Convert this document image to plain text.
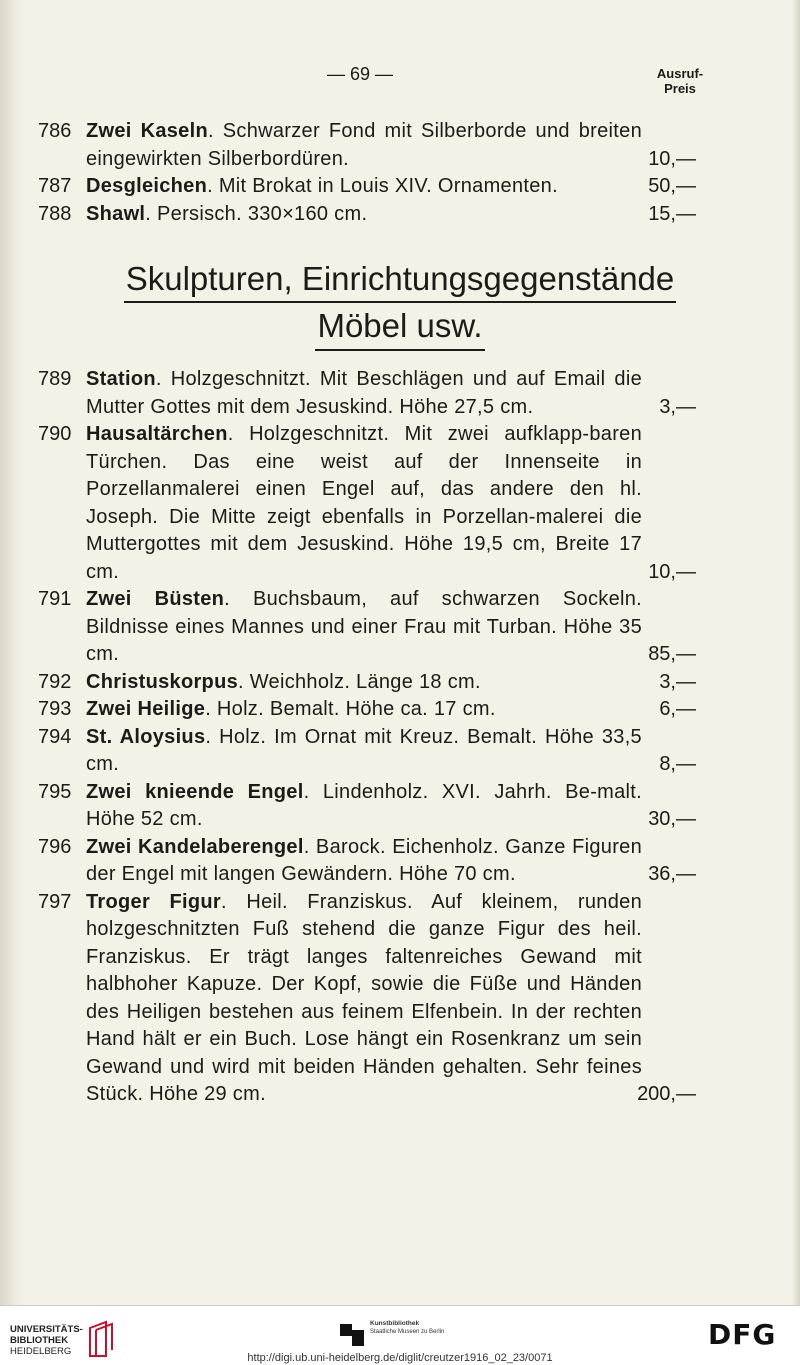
— 69 —	Ausruf-
Preis
786 Zwei Kaseln. Schwarzer Fond mit Silberborde und breiten eingewirkten Silberbordüren.	10,—
787 Desgleichen. Mit Brokat in Louis XIV. Ornamenten.	50,—
788 Shawl. Persisch. 330×160 cm.	15,—
Skulpturen, Einrichtungsgegenstände
Möbel usw.
789 Station. Holzgeschnitzt. Mit Beschlägen und auf Email die Mutter Gottes mit dem Jesuskind. Höhe 27,5 cm.	3,—
790 Hausaltärchen. Holzgeschnitzt. Mit zwei aufklapp-baren Türchen. Das eine weist auf der Innenseite in Porzellanmalerei einen Engel auf, das andere den hl. Joseph. Die Mitte zeigt ebenfalls in Porzellan-malerei die Muttergottes mit dem Jesuskind. Höhe 19,5 cm, Breite 17 cm.	10,—
791 Zwei Büsten. Buchsbaum, auf schwarzen Sockeln. Bildnisse eines Mannes und einer Frau mit Turban. Höhe 35 cm.	85,—
792 Christuskorpus. Weichholz. Länge 18 cm.	3,—
793 Zwei Heilige. Holz. Bemalt. Höhe ca. 17 cm.	6,—
794 St. Aloysius. Holz. Im Ornat mit Kreuz. Bemalt. Höhe 33,5 cm.	8,—
795 Zwei knieende Engel. Lindenholz. XVI. Jahrh. Be-malt. Höhe 52 cm.	30,—
796 Zwei Kandelaberengel. Barock. Eichenholz. Ganze Figuren der Engel mit langen Gewändern. Höhe 70 cm.	36,—
797 Troger Figur. Heil. Franziskus. Auf kleinem, runden holzgeschnitzten Fuß stehend die ganze Figur des heil. Franziskus. Er trägt langes faltenreiches Gewand mit halbhoher Kapuze. Der Kopf, sowie die Füße und Händen des Heiligen bestehen aus feinem Elfenbein. In der rechten Hand hält er ein Buch. Lose hängt ein Rosenkranz um sein Gewand und wird mit beiden Händen gehalten. Sehr feines Stück. Höhe 29 cm.	200,—
UNIVERSITÄTS-
BIBLIOTHEK
HEIDELBERG
Kunstbibliothek
Staatliche Museen zu Berlin	DFG
http://digi.ub.uni-heidelberg.de/diglit/creutzer1916_02_23/0071
